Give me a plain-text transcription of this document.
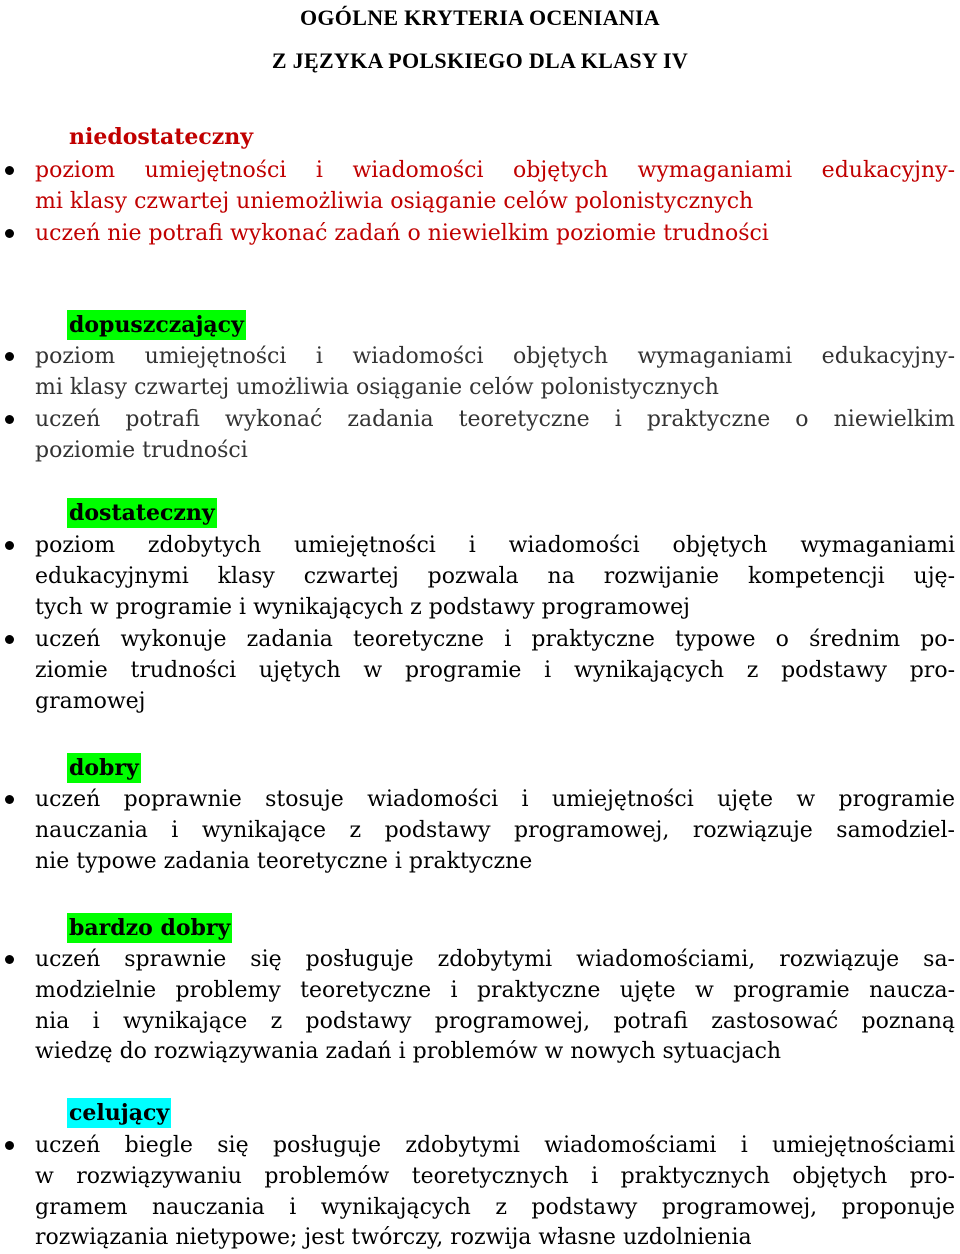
OGÓLNE KRYTERIA OCENIANIA
Z JĘZYKA POLSKIEGO DLA KLASY IV
niedostateczny
poziom umiejętności i wiadomości objętych wymaganiami edukacyjny-
mi klasy czwartej uniemożliwia osiąganie celów polonistycznych
uczeń nie potrafi wykonać zadań o niewielkim poziomie trudności
dopuszczający
poziom umiejętności i wiadomości objętych wymaganiami edukacyjny-
mi klasy czwartej umożliwia osiąganie celów polonistycznych
uczeń potrafi wykonać zadania teoretyczne i praktyczne o niewielkim
poziomie trudności
dostateczny
poziom zdobytych umiejętności i wiadomości objętych wymaganiami
edukacyjnymi klasy czwartej pozwala na rozwijanie kompetencji uję-
tych w programie i wynikających z podstawy programowej
uczeń wykonuje zadania teoretyczne i praktyczne typowe o średnim po-
ziomie trudności ujętych w programie i wynikających z podstawy pro-
gramowej
dobry
uczeń poprawnie stosuje wiadomości i umiejętności ujęte w programie
nauczania i wynikające z podstawy programowej, rozwiązuje samodziel-
nie typowe zadania teoretyczne i praktyczne
bardzo dobry
uczeń sprawnie się posługuje zdobytymi wiadomościami, rozwiązuje sa-
modzielnie problemy teoretyczne i praktyczne ujęte w programie naucza-
nia i wynikające z podstawy programowej, potrafi zastosować poznaną
wiedzę do rozwiązywania zadań i problemów w nowych sytuacjach
celujący
uczeń biegle się posługuje zdobytymi wiadomościami i umiejętnościami
w rozwiązywaniu problemów teoretycznych i praktycznych objętych pro-
gramem nauczania i wynikających z podstawy programowej, proponuje
rozwiązania nietypowe; jest twórczy, rozwija własne uzdolnienia
